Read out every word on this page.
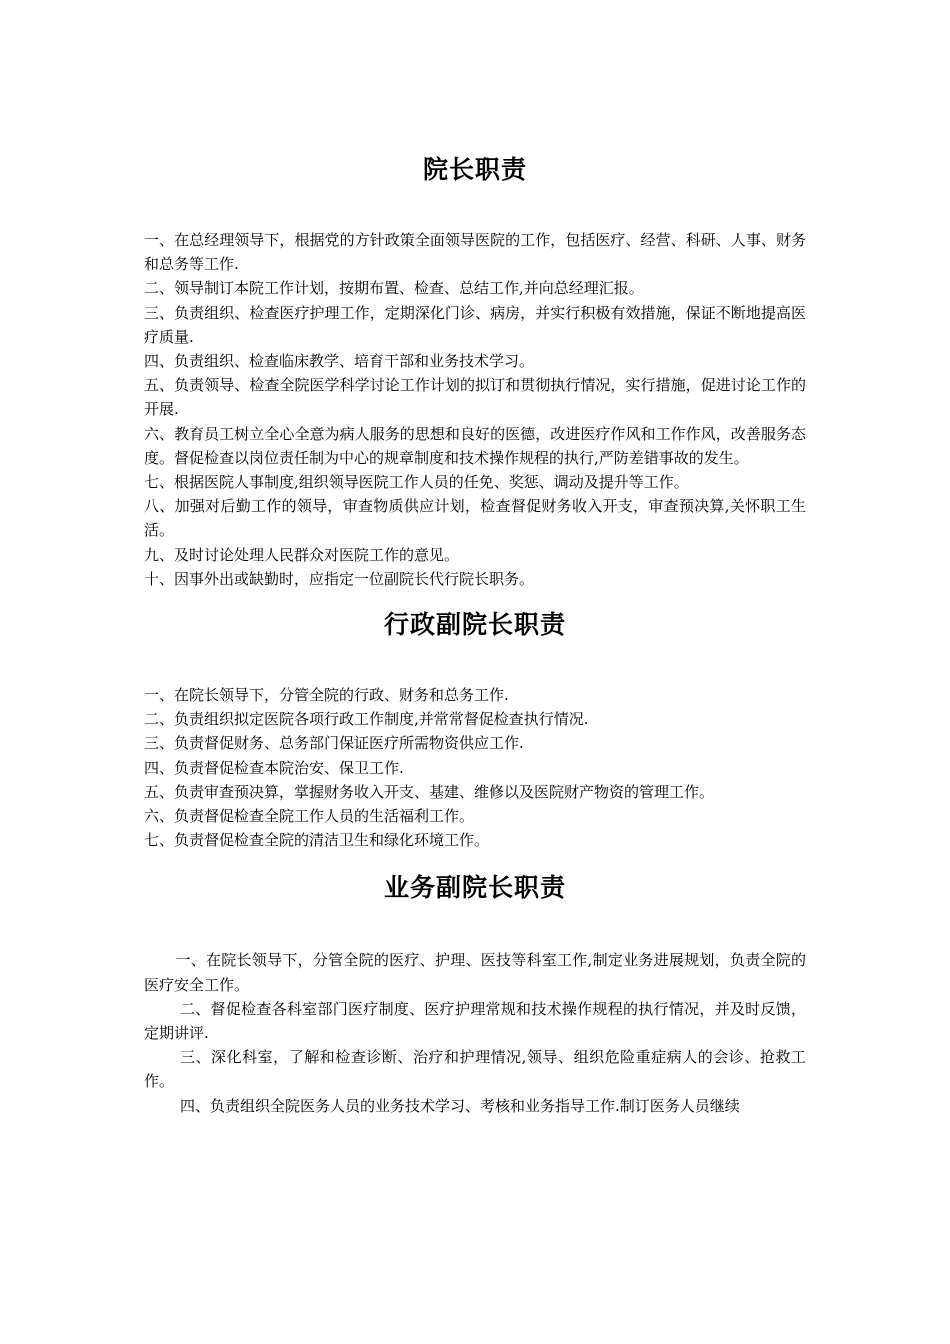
院长职责

一、在总经理领导下，根据党的方针政策全面领导医院的工作，包括医疗、经营、科研、人事、财务和总务等工作.

二、领导制订本院工作计划，按期布置、检查、总结工作,并向总经理汇报。

三、负责组织、检查医疗护理工作，定期深化门诊、病房，并实行积极有效措施，保证不断地提高医疗质量.

四、负责组织、检查临床教学、培育干部和业务技术学习。

五、负责领导、检查全院医学科学讨论工作计划的拟订和贯彻执行情况，实行措施，促进讨论工作的开展.

六、教育员工树立全心全意为病人服务的思想和良好的医德，改进医疗作风和工作作风，改善服务态度。督促检查以岗位责任制为中心的规章制度和技术操作规程的执行,严防差错事故的发生。

七、根据医院人事制度,组织领导医院工作人员的任免、奖惩、调动及提升等工作。

八、加强对后勤工作的领导，审查物质供应计划，检查督促财务收入开支，审查预决算,关怀职工生活。

九、及时讨论处理人民群众对医院工作的意见。

十、因事外出或缺勤时，应指定一位副院长代行院长职务。

行政副院长职责

一、在院长领导下，分管全院的行政、财务和总务工作.

二、负责组织拟定医院各项行政工作制度,并常常督促检查执行情况.

三、负责督促财务、总务部门保证医疗所需物资供应工作.

四、负责督促检查本院治安、保卫工作.

五、负责审查预决算，掌握财务收入开支、基建、维修以及医院财产物资的管理工作。

六、负责督促检查全院工作人员的生活福利工作。

七、负责督促检查全院的清洁卫生和绿化环境工作。

业务副院长职责

一、在院长领导下，分管全院的医疗、护理、医技等科室工作,制定业务进展规划，负责全院的医疗安全工作。

二、督促检查各科室部门医疗制度、医疗护理常规和技术操作规程的执行情况，并及时反馈，定期讲评.

三、深化科室，了解和检查诊断、治疗和护理情况,领导、组织危险重症病人的会诊、抢救工作。

四、负责组织全院医务人员的业务技术学习、考核和业务指导工作.制订医务人员继续
